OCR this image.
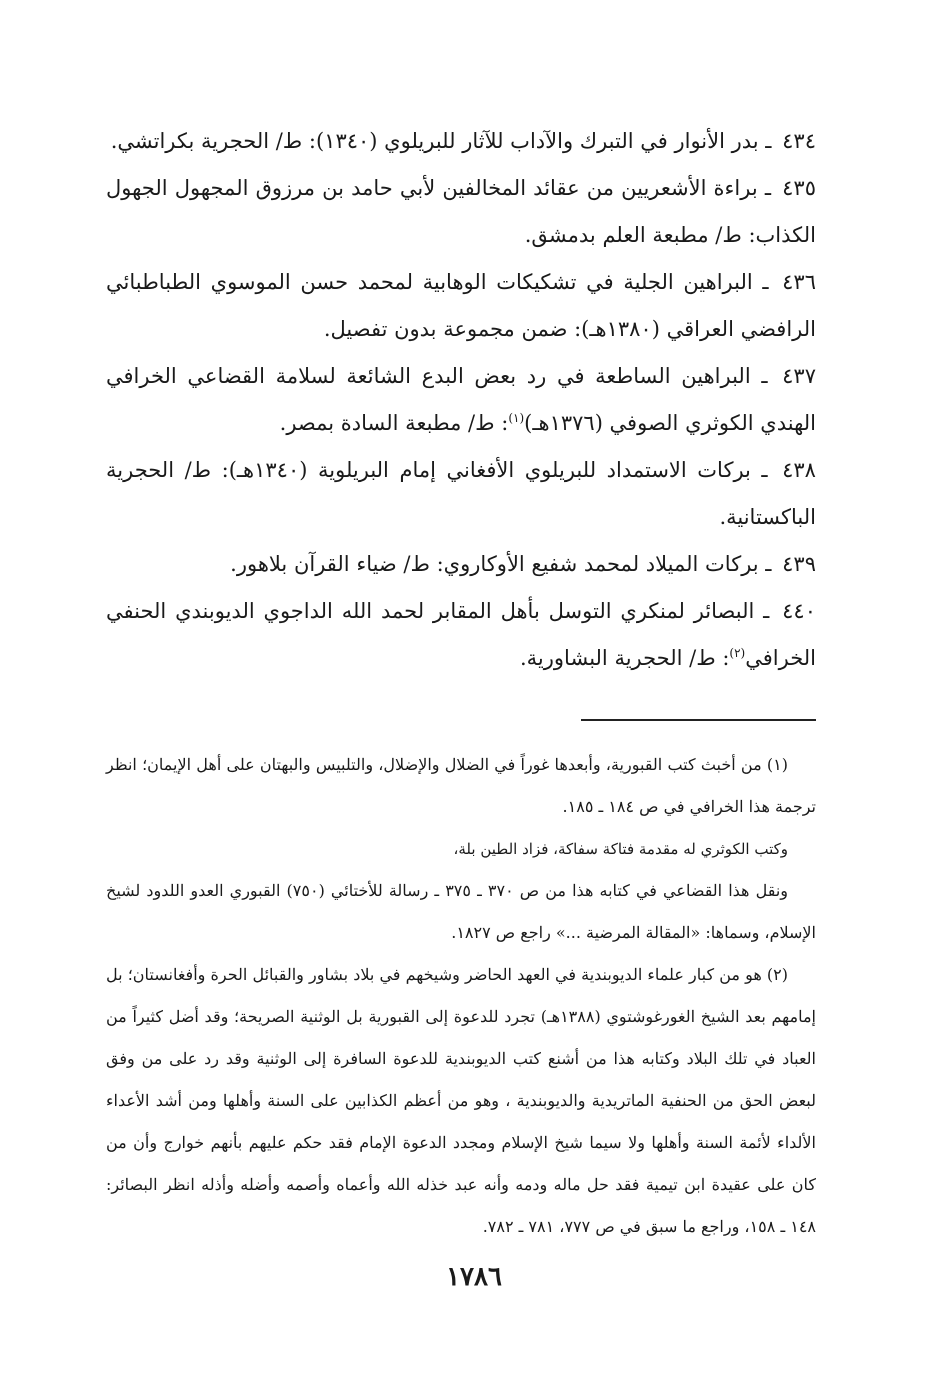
٤٣٤ ـ بدر الأنوار في التبرك والآداب للآثار للبريلوي (١٣٤٠): ط/ الحجرية بكراتشي.

٤٣٥ ـ براءة الأشعريين من عقائد المخالفين لأبي حامد بن مرزوق المجهول الجهول الكذاب: ط/ مطبعة العلم بدمشق.

٤٣٦ ـ البراهين الجلية في تشكيكات الوهابية لمحمد حسن الموسوي الطباطبائي الرافضي العراقي (١٣٨٠هـ): ضمن مجموعة بدون تفصيل.

٤٣٧ ـ البراهين الساطعة في رد بعض البدع الشائعة لسلامة القضاعي الخرافي الهندي الكوثري الصوفي (١٣٧٦هـ)$^{(١)}$: ط/ مطبعة السادة بمصر.

٤٣٨ ـ بركات الاستمداد للبريلوي الأفغاني إمام البريلوية (١٣٤٠هـ): ط/ الحجرية الباكستانية.

٤٣٩ ـ بركات الميلاد لمحمد شفيع الأوكاروي: ط/ ضياء القرآن بلاهور.

٤٤٠ ـ البصائر لمنكري التوسل بأهل المقابر لحمد الله الداجوي الديوبندي الحنفي الخرافي$^{(٢)}$: ط/ الحجرية البشاورية.

(١) من أخبث كتب القبورية، وأبعدها غوراً في الضلال والإضلال، والتلبيس والبهتان على أهل الإيمان؛ انظر ترجمة هذا الخرافي في ص ١٨٤ ـ ١٨٥.

وكتب الكوثري له مقدمة فتاكة سفاكة، فزاد الطين بلة،

ونقل هذا القضاعي في كتابه هذا من ص ٣٧٠ ـ ٣٧٥ ـ رسالة للأختائي (٧٥٠) القبوري العدو اللدود لشيخ الإسلام، وسماها: «المقالة المرضية ...» راجع ص ١٨٢٧.

(٢) هو من كبار علماء الديوبندية في العهد الحاضر وشيخهم في بلاد بشاور والقبائل الحرة وأفغانستان؛ بل إمامهم بعد الشيخ الغورغوشتوي (١٣٨٨هـ) تجرد للدعوة إلى القبورية بل الوثنية الصريحة؛ وقد أضل كثيراً من العباد في تلك البلاد وكتابه هذا من أشنع كتب الديوبندية للدعوة السافرة إلى الوثنية وقد رد على من وفق لبعض الحق من الحنفية الماتريدية والديوبندية ، وهو من أعظم الكذابين على السنة وأهلها ومن أشد الأعداء الألداء لأئمة السنة وأهلها ولا سيما شيخ الإسلام ومجدد الدعوة الإمام فقد حكم عليهم بأنهم خوارج وأن من كان على عقيدة ابن تيمية فقد حل ماله ودمه وأنه عبد خذله الله وأعماه وأصمه وأضله وأذله انظر البصائر: ١٤٨ ـ ١٥٨، وراجع ما سبق في ص ٧٧٧، ٧٨١ ـ ٧٨٢.

١٧٨٦
